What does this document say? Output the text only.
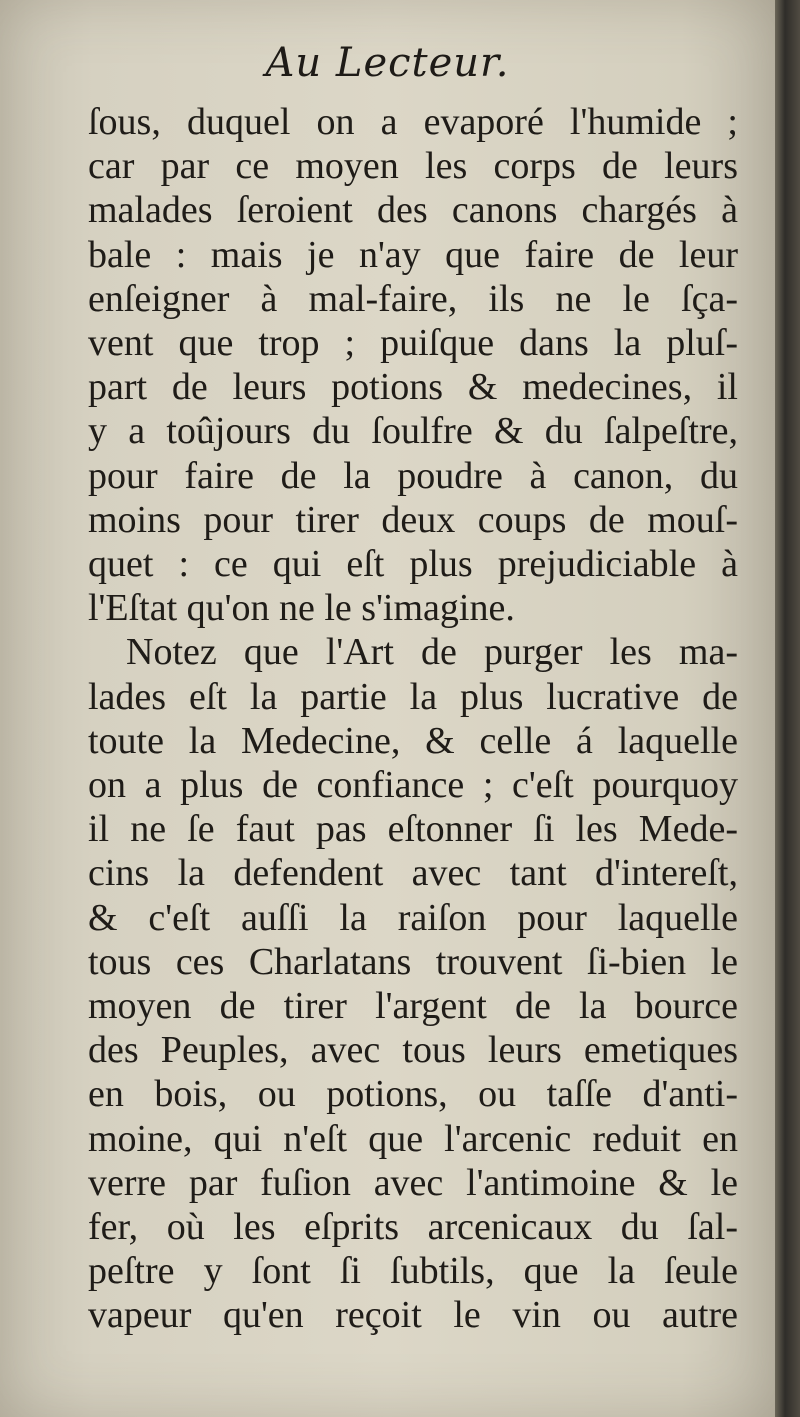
Au Lecteur.
ſous, duquel on a evaporé l'humide ;
car par ce moyen les corps de leurs
malades ſeroient des canons chargés à
bale : mais je n'ay que faire de leur
enſeigner à mal-faire, ils ne le ſça-
vent que trop ; puiſque dans la pluſ-
part de leurs potions & medecines, il
y a toûjours du ſoulfre & du ſalpeſtre,
pour faire de la poudre à canon, du
moins pour tirer deux coups de mouſ-
quet : ce qui eſt plus prejudiciable à
l'Eſtat qu'on ne le s'imagine.
Notez que l'Art de purger les ma-
lades eſt la partie la plus lucrative de
toute la Medecine, & celle á laquelle
on a plus de confiance ; c'eſt pourquoy
il ne ſe faut pas eſtonner ſi les Mede-
cins la defendent avec tant d'intereſt,
& c'eſt auſſi la raiſon pour laquelle
tous ces Charlatans trouvent ſi-bien le
moyen de tirer l'argent de la bource
des Peuples, avec tous leurs emetiques
en bois, ou potions, ou taſſe d'anti-
moine, qui n'eſt que l'arcenic reduit en
verre par fuſion avec l'antimoine & le
fer, où les eſprits arcenicaux du ſal-
peſtre y ſont ſi ſubtils, que la ſeule
vapeur qu'en reçoit le vin ou autre
